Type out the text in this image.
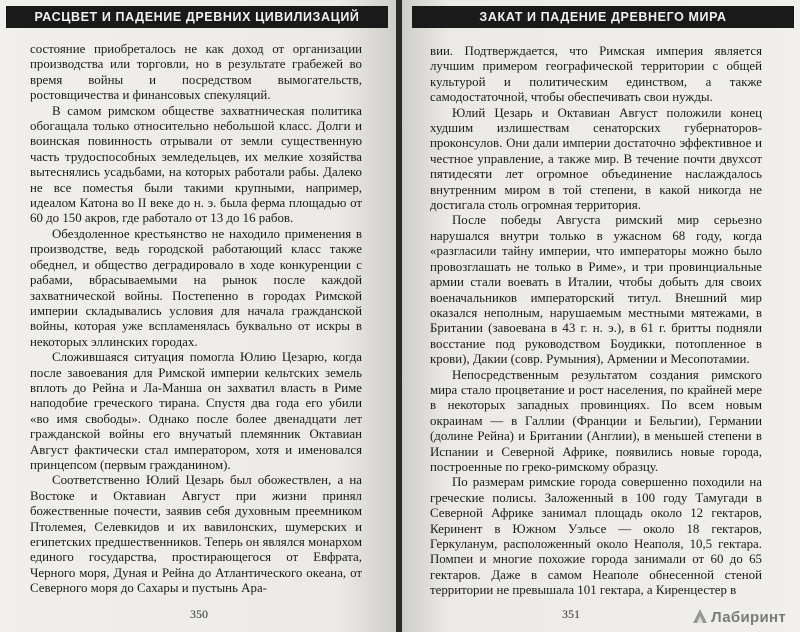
РАСЦВЕТ И ПАДЕНИЕ ДРЕВНИХ ЦИВИЛИЗАЦИЙ

состояние приобреталось не как доход от организации производства или торговли, но в результате грабежей во время войны и посредством вымогательств, ростовщичества и финансовых спекуляций.

В самом римском обществе захватническая политика обогащала только относительно небольшой класс. Долги и воинская повинность отрывали от земли существенную часть трудоспособных земледельцев, их мелкие хозяйства вытеснялись усадьбами, на которых работали рабы. Далеко не все поместья были такими крупными, например, идеалом Катона во II веке до н. э. была ферма площадью от 60 до 150 акров, где работало от 13 до 16 рабов.

Обездоленное крестьянство не находило применения в производстве, ведь городской работающий класс также обеднел, и общество деградировало в ходе конкуренции с рабами, вбрасываемыми на рынок после каждой захватнической войны. Постепенно в городах Римской империи складывались условия для начала гражданской войны, которая уже вспламенялась буквально от искры в некоторых эллинских городах.

Сложившаяся ситуация помогла Юлию Цезарю, когда после завоевания для Римской империи кельтских земель вплоть до Рейна и Ла-Манша он захватил власть в Риме наподобие греческого тирана. Спустя два года его убили «во имя свободы». Однако после более двенадцати лет гражданской войны его внучатый племянник Октавиан Август фактически стал императором, хотя и именовался принцепсом (первым гражданином).

Соответственно Юлий Цезарь был обожествлен, а на Востоке и Октавиан Август при жизни принял божественные почести, заявив себя духовным преемником Птолемея, Селевкидов и их вавилонских, шумерских и египетских предшественников. Теперь он являлся монархом единого государства, простирающегося от Евфрата, Черного моря, Дуная и Рейна до Атлантического океана, от Северного моря до Сахары и пустынь Ара-

350
ЗАКАТ И ПАДЕНИЕ ДРЕВНЕГО МИРА

вии. Подтверждается, что Римская империя является лучшим примером географической территории с общей культурой и политическим единством, а также самодостаточной, чтобы обеспечивать свои нужды.

Юлий Цезарь и Октавиан Август положили конец худшим излишествам сенаторских губернаторов-проконсулов. Они дали империи достаточно эффективное и честное управление, а также мир. В течение почти двухсот пятидесяти лет огромное объединение наслаждалось внутренним миром в той степени, в какой никогда не достигала столь огромная территория.

После победы Августа римский мир серьезно нарушался внутри только в ужасном 68 году, когда «разгласили тайну империи, что императоры можно было провозглашать не только в Риме», и три провинциальные армии стали воевать в Италии, чтобы добыть для своих военачальников императорский титул. Внешний мир оказался неполным, нарушаемым местными мятежами, в Британии (завоевана в 43 г. н. э.), в 61 г. бритты подняли восстание под руководством Боудикки, потопленное в крови), Дакии (совр. Румыния), Армении и Месопотамии.

Непосредственным результатом создания римского мира стало процветание и рост населения, по крайней мере в некоторых западных провинциях. По всем новым окраинам — в Галлии (Франции и Бельгии), Германии (долине Рейна) и Британии (Англии), в меньшей степени в Испании и Северной Африке, появились новые города, построенные по греко-римскому образцу.

По размерам римские города совершенно походили на греческие полисы. Заложенный в 100 году Тамугади в Северной Африке занимал площадь около 12 гектаров, Керинент в Южном Уэльсе — около 18 гектаров, Геркуланум, расположенный около Неаполя, 10,5 гектара. Помпеи и многие похожие города занимали от 60 до 65 гектаров. Даже в самом Неаполе обнесенной стеной территории не превышала 101 гектара, а Киренцестер в

351	Лабиринт
